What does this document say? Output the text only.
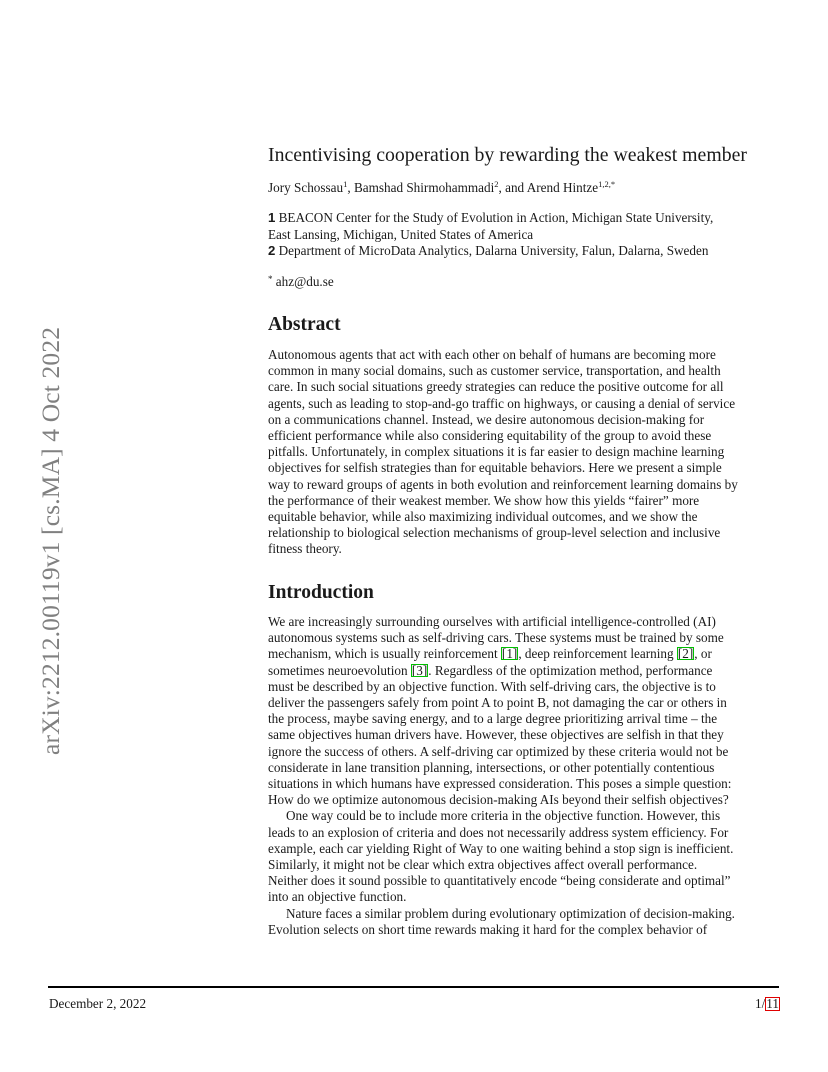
arXiv:2212.00119v1 [cs.MA] 4 Oct 2022
Incentivising cooperation by rewarding the weakest member
Jory Schossau$^1$, Bamshad Shirmohammadi$^2$, and Arend Hintze$^{1,2,*}$
1 BEACON Center for the Study of Evolution in Action, Michigan State University,
East Lansing, Michigan, United States of America
2 Department of MicroData Analytics, Dalarna University, Falun, Dalarna, Sweden
* ahz@du.se
Abstract

Autonomous agents that act with each other on behalf of humans are becoming more
common in many social domains, such as customer service, transportation, and health
care. In such social situations greedy strategies can reduce the positive outcome for all
agents, such as leading to stop-and-go traffic on highways, or causing a denial of service
on a communications channel. Instead, we desire autonomous decision-making for
efficient performance while also considering equitability of the group to avoid these
pitfalls. Unfortunately, in complex situations it is far easier to design machine learning
objectives for selfish strategies than for equitable behaviors. Here we present a simple
way to reward groups of agents in both evolution and reinforcement learning domains by
the performance of their weakest member. We show how this yields “fairer” more
equitable behavior, while also maximizing individual outcomes, and we show the
relationship to biological selection mechanisms of group-level selection and inclusive
fitness theory.

Introduction

We are increasingly surrounding ourselves with artificial intelligence-controlled (AI)
autonomous systems such as self-driving cars. These systems must be trained by some
mechanism, which is usually reinforcement [1], deep reinforcement learning [2], or
sometimes neuroevolution [3]. Regardless of the optimization method, performance
must be described by an objective function. With self-driving cars, the objective is to
deliver the passengers safely from point A to point B, not damaging the car or others in
the process, maybe saving energy, and to a large degree prioritizing arrival time – the
same objectives human drivers have. However, these objectives are selfish in that they
ignore the success of others. A self-driving car optimized by these criteria would not be
considerate in lane transition planning, intersections, or other potentially contentious
situations in which humans have expressed consideration. This poses a simple question:
How do we optimize autonomous decision-making AIs beyond their selfish objectives?
One way could be to include more criteria in the objective function. However, this
leads to an explosion of criteria and does not necessarily address system efficiency. For
example, each car yielding Right of Way to one waiting behind a stop sign is inefficient.
Similarly, it might not be clear which extra objectives affect overall performance.
Neither does it sound possible to quantitatively encode “being considerate and optimal”
into an objective function.
Nature faces a similar problem during evolutionary optimization of decision-making.
Evolution selects on short time rewards making it hard for the complex behavior of

December 2, 2022	1/11
